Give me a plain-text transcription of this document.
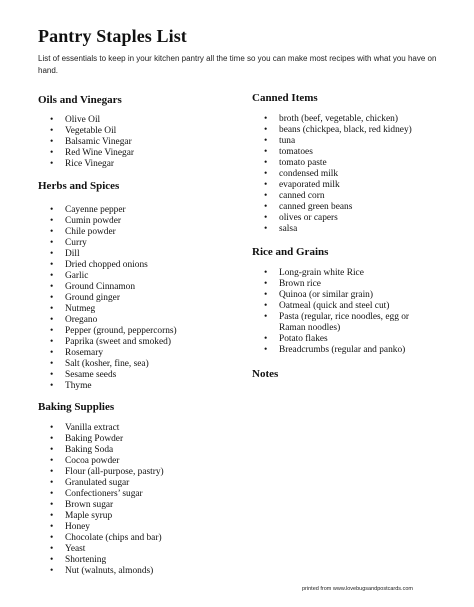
Pantry Staples List

List of essentials to keep in your kitchen pantry all the time so you can make most recipes with what you have on hand.

Oils and Vinegars
• Olive Oil
• Vegetable Oil
• Balsamic Vinegar
• Red Wine Vinegar
• Rice Vinegar
Herbs and Spices
• Cayenne pepper
• Cumin powder
• Chile powder
• Curry
• Dill
• Dried chopped onions
• Garlic
• Ground Cinnamon
• Ground ginger
• Nutmeg
• Oregano
• Pepper (ground, peppercorns)
• Paprika (sweet and smoked)
• Rosemary
• Salt (kosher, fine, sea)
• Sesame seeds
• Thyme
Baking Supplies
• Vanilla extract
• Baking Powder
• Baking Soda
• Cocoa powder
• Flour (all-purpose, pastry)
• Granulated sugar
• Confectioners’ sugar
• Brown sugar
• Maple syrup
• Honey
• Chocolate (chips and bar)
• Yeast
• Shortening
• Nut (walnuts, almonds)
Canned Items
• broth (beef, vegetable, chicken)
• beans (chickpea, black, red kidney)
• tuna
• tomatoes
• tomato paste
• condensed milk
• evaporated milk
• canned corn
• canned green beans
• olives or capers
• salsa
Rice and Grains
• Long-grain white Rice
• Brown rice
• Quinoa (or similar grain)
• Oatmeal (quick and steel cut)
• Pasta (regular, rice noodles, egg or Raman noodles)
• Potato flakes
• Breadcrumbs (regular and panko)
Notes
printed from www.lovebugsandpostcards.com
